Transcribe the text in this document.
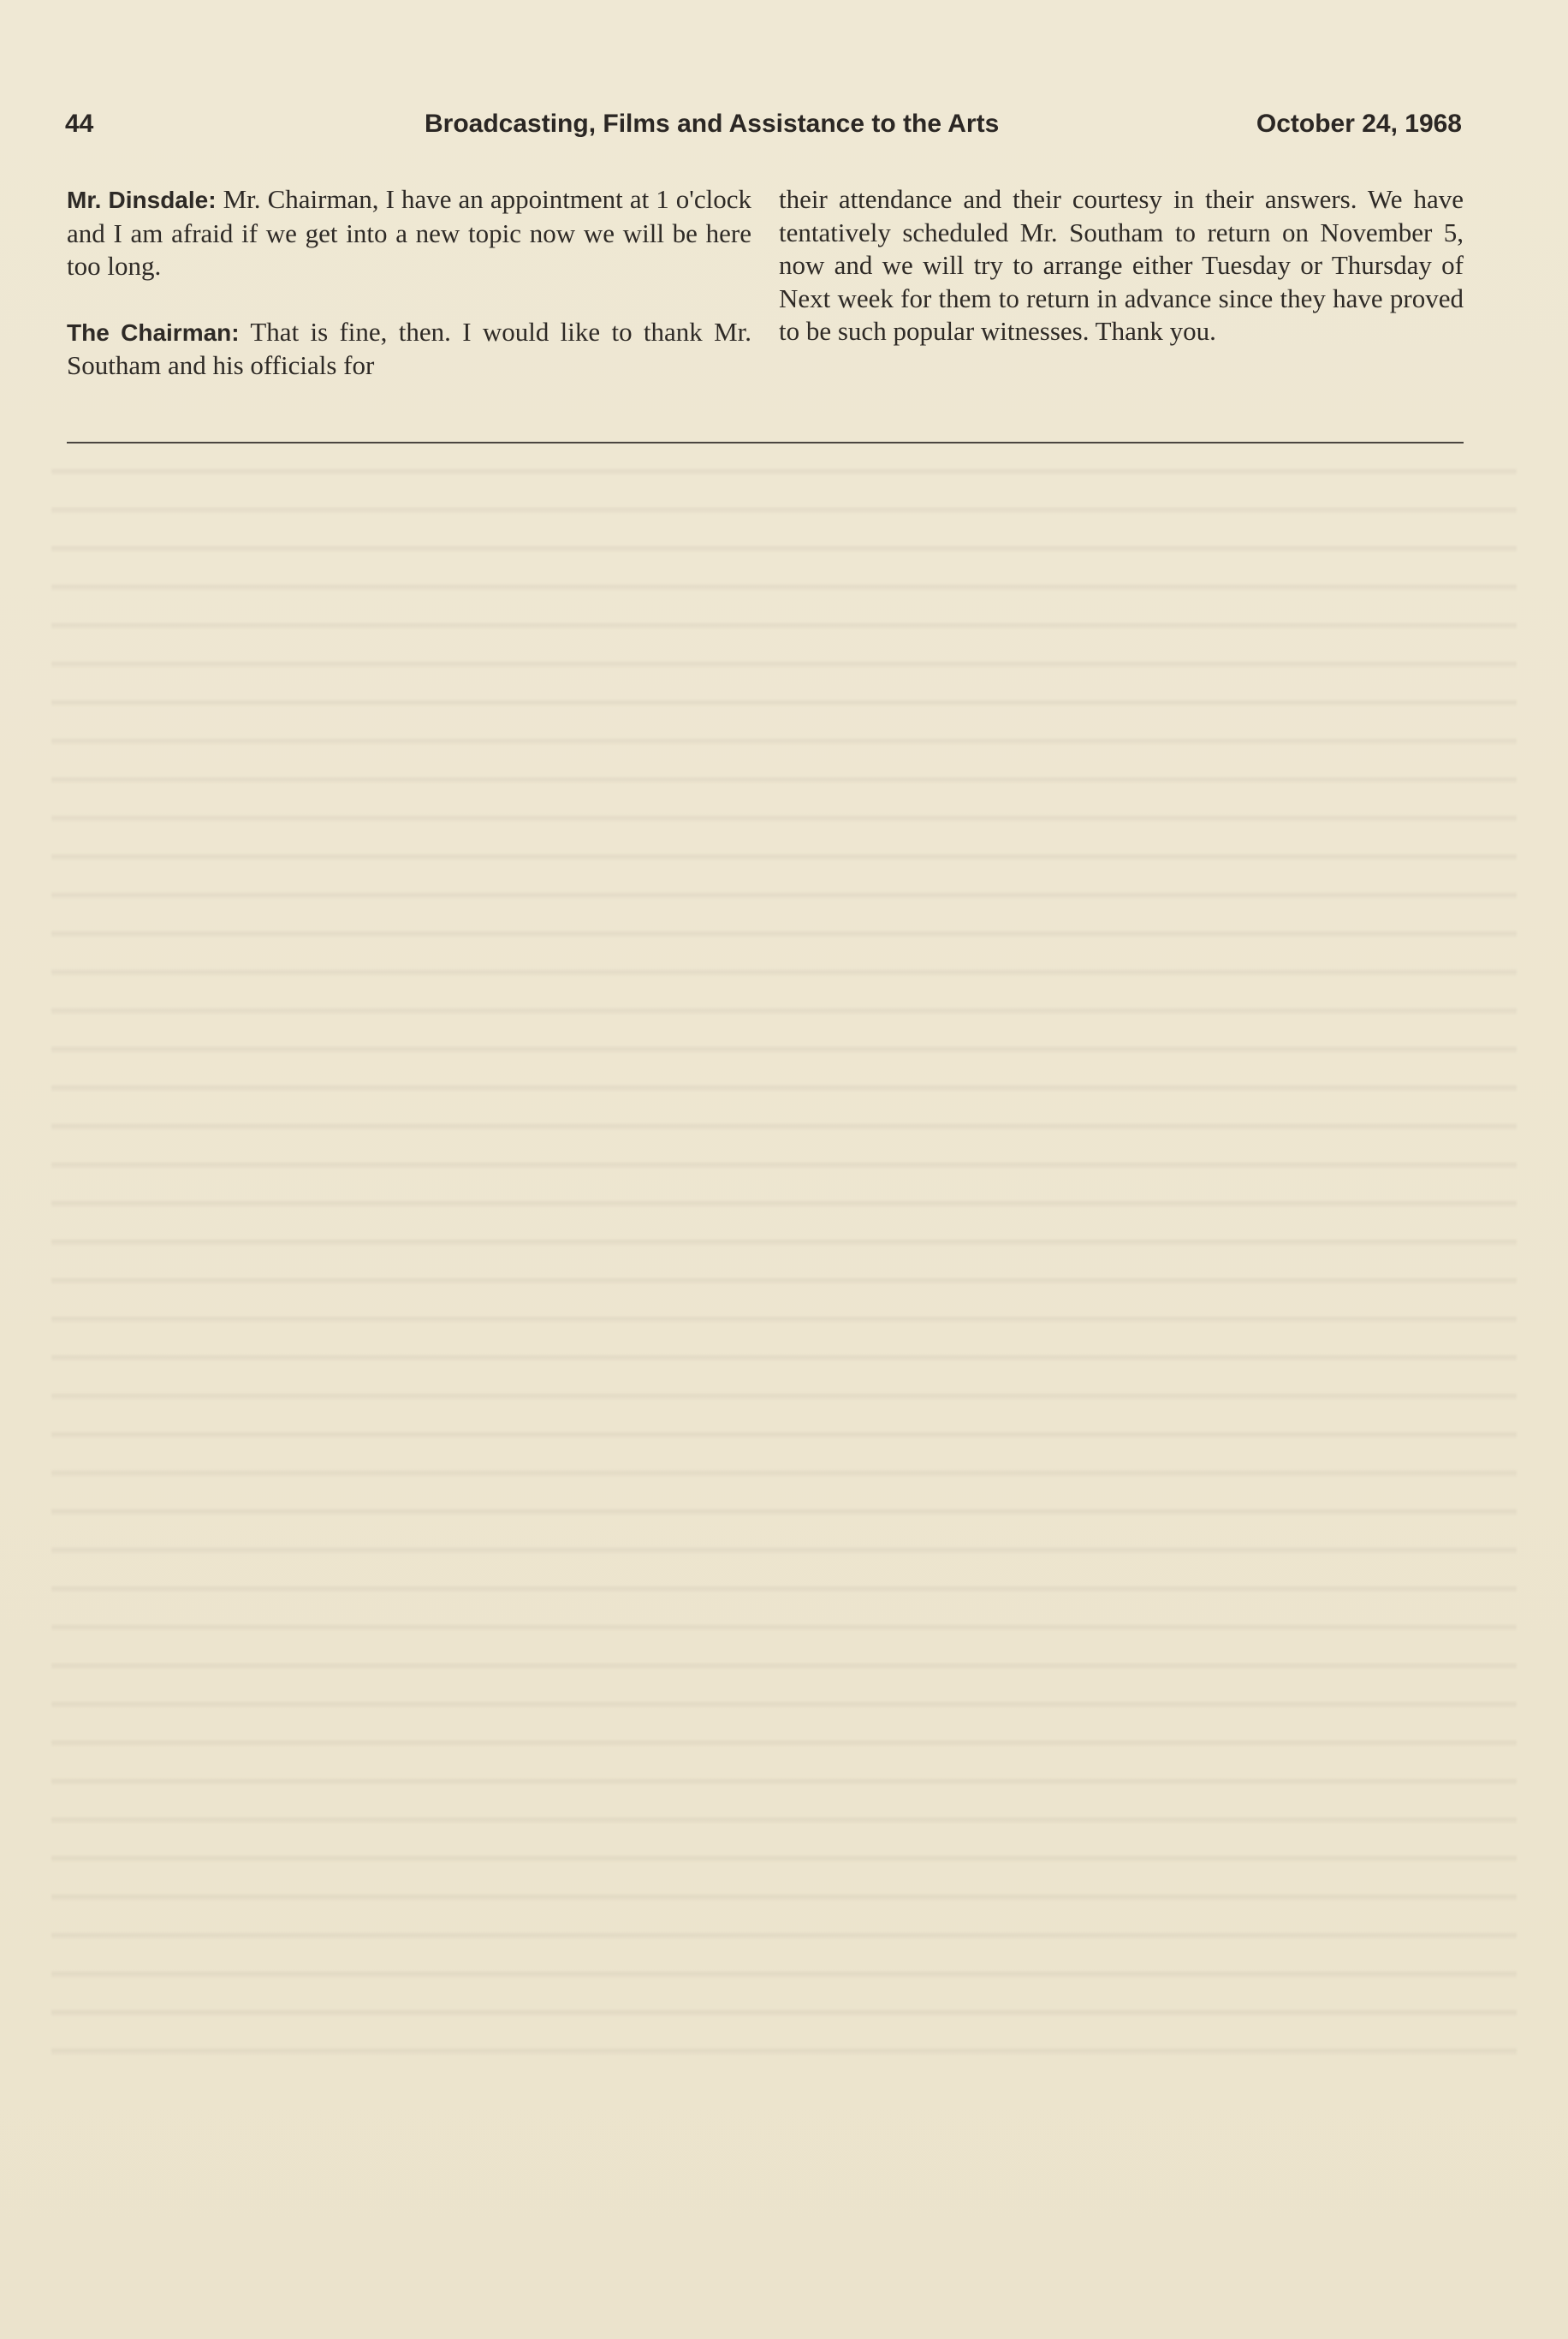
44	Broadcasting, Films and Assistance to the Arts	October 24, 1968

Mr. Dinsdale: Mr. Chairman, I have an appointment at 1 o'clock and I am afraid if we get into a new topic now we will be here too long.

The Chairman: That is fine, then. I would like to thank Mr. Southam and his officials for

their attendance and their courtesy in their answers. We have tentatively scheduled Mr. Southam to return on November 5, now and we will try to arrange either Tuesday or Thursday of Next week for them to return in advance since they have proved to be such popular witnesses. Thank you.
